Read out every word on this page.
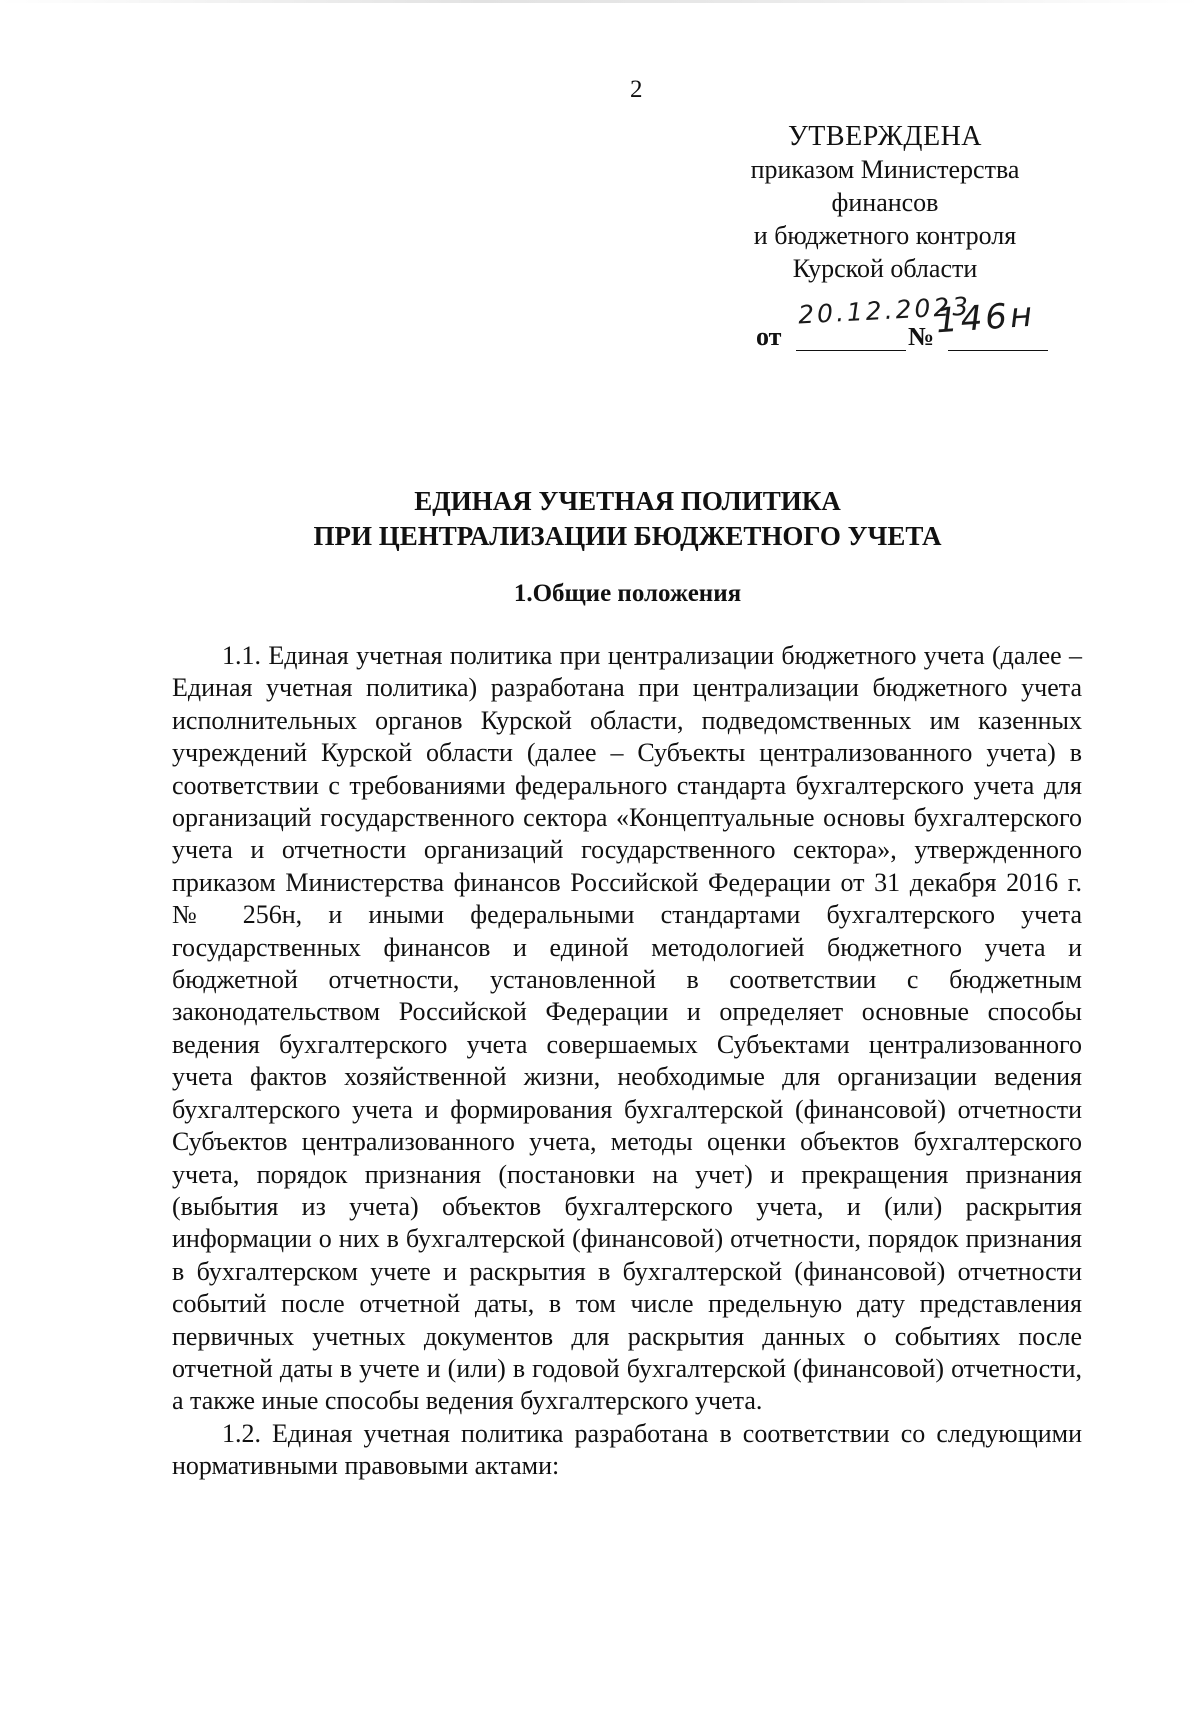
2
УТВЕРЖДЕНА
приказом Министерства
финансов
и бюджетного контроля
Курской области
от
20.12.2023
№ 146н
ЕДИНАЯ УЧЕТНАЯ ПОЛИТИКА
ПРИ ЦЕНТРАЛИЗАЦИИ БЮДЖЕТНОГО УЧЕТА
1.Общие положения

1.1. Единая учетная политика при централизации бюджетного учета (далее – Единая учетная политика) разработана при централизации бюджетного учета исполнительных органов Курской области, подведомственных им казенных учреждений Курской области (далее – Субъекты централизованного учета) в соответствии с требованиями федерального стандарта бухгалтерского учета для организаций государственного сектора «Концептуальные основы бухгалтерского учета и отчетности организаций государственного сектора», утвержденного приказом Министерства финансов Российской Федерации от 31 декабря 2016 г. № 256н, и иными федеральными стандартами бухгалтерского учета государственных финансов и единой методологией бюджетного учета и бюджетной отчетности, установленной в соответствии с бюджетным законодательством Российской Федерации и определяет основные способы ведения бухгалтерского учета совершаемых Субъектами централизованного учета фактов хозяйственной жизни, необходимые для организации ведения бухгалтерского учета и формирования бухгалтерской (финансовой) отчетности Субъектов централизованного учета, методы оценки объектов бухгалтерского учета, порядок признания (постановки на учет) и прекращения признания (выбытия из учета) объектов бухгалтерского учета, и (или) раскрытия информации о них в бухгалтерской (финансовой) отчетности, порядок признания в бухгалтерском учете и раскрытия в бухгалтерской (финансовой) отчетности событий после отчетной даты, в том числе предельную дату представления первичных учетных документов для раскрытия данных о событиях после отчетной даты в учете и (или) в годовой бухгалтерской (финансовой) отчетности, а также иные способы ведения бухгалтерского учета.

1.2. Единая учетная политика разработана в соответствии со следующими нормативными правовыми актами:
